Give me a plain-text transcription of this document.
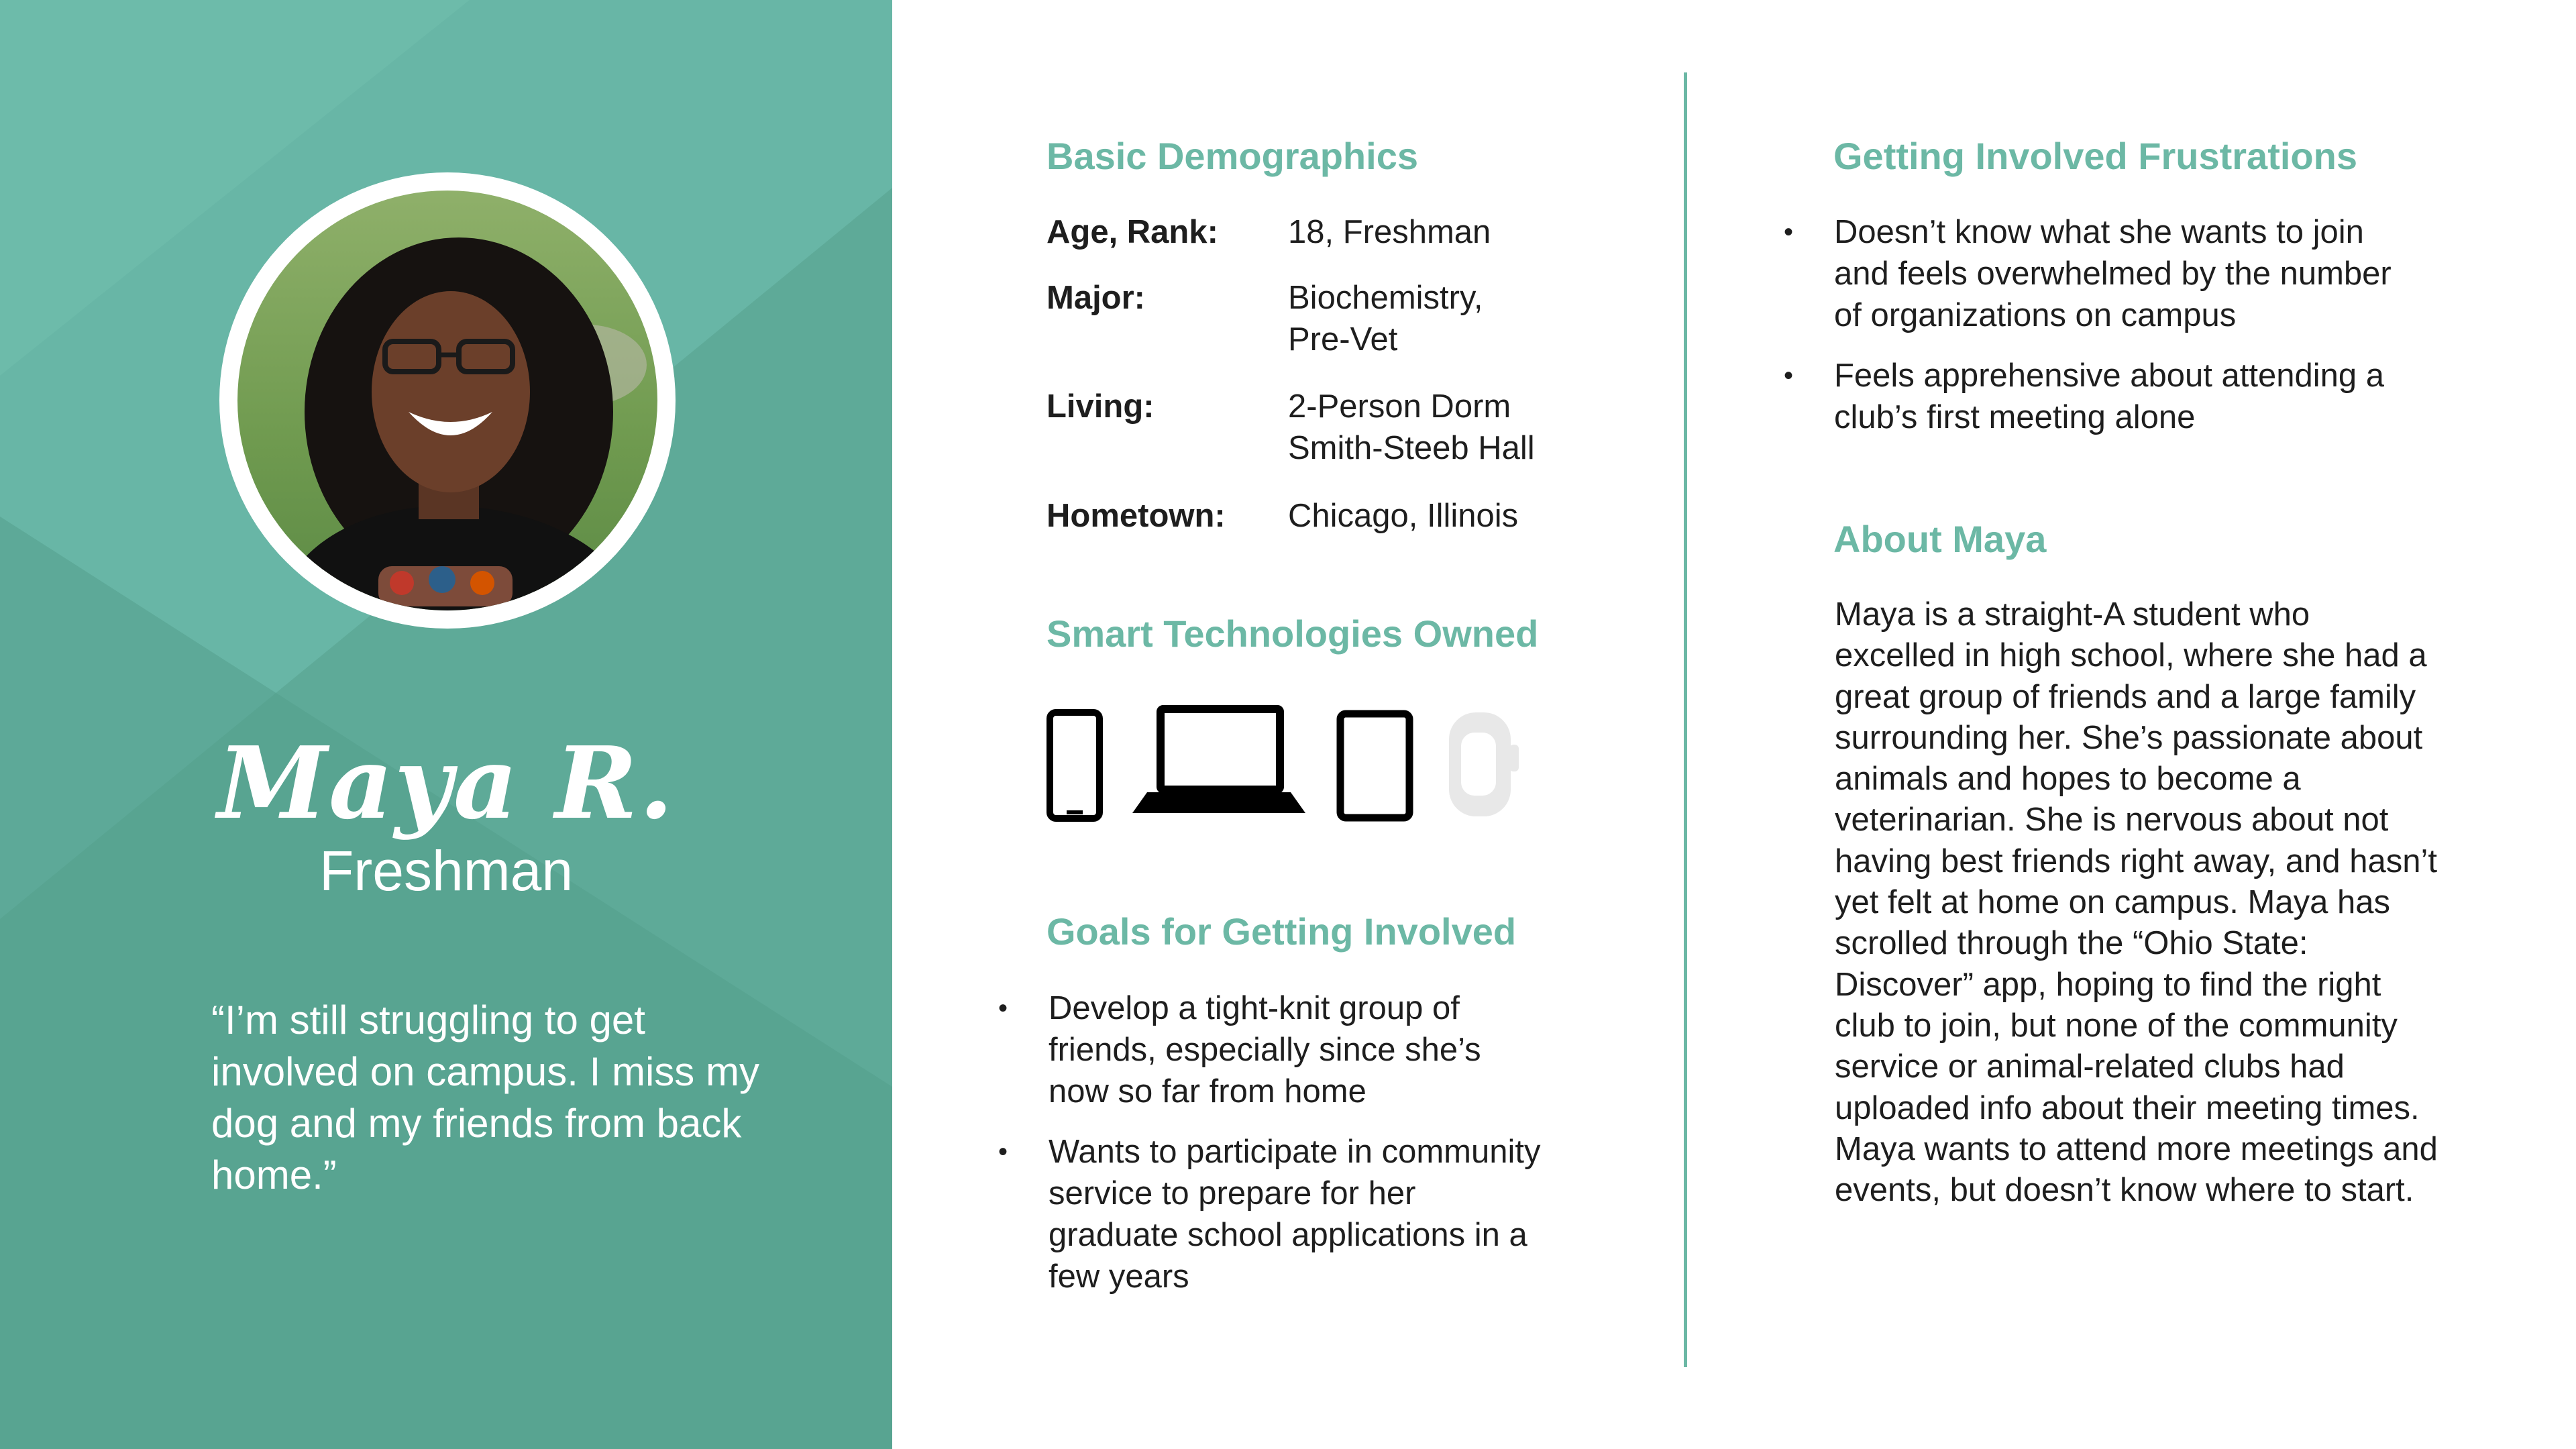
Maya R.
Freshman
“I’m still struggling to get involved on campus. I miss my dog and my friends from back home.”
Basic Demographics
Age, Rank:	18, Freshman
Major:	Biochemistry, Pre-Vet
Living:	2-Person Dorm Smith-Steeb Hall
Hometown:	Chicago, Illinois
Smart Technologies Owned
Goals for Getting Involved
• Develop a tight-knit group of friends, especially since she’s now so far from home
• Wants to participate in community service to prepare for her graduate school applications in a few years
Getting Involved Frustrations
• Doesn’t know what she wants to join and feels overwhelmed by the number of organizations on campus
• Feels apprehensive about attending a club’s first meeting alone
About Maya
Maya is a straight-A student who excelled in high school, where she had a great group of friends and a large family surrounding her. She’s passionate about animals and hopes to become a veterinarian. She is nervous about not having best friends right away, and hasn’t yet felt at home on campus. Maya has scrolled through the “Ohio State: Discover” app, hoping to find the right club to join, but none of the community service or animal-related clubs had uploaded info about their meeting times. Maya wants to attend more meetings and events, but doesn’t know where to start.
